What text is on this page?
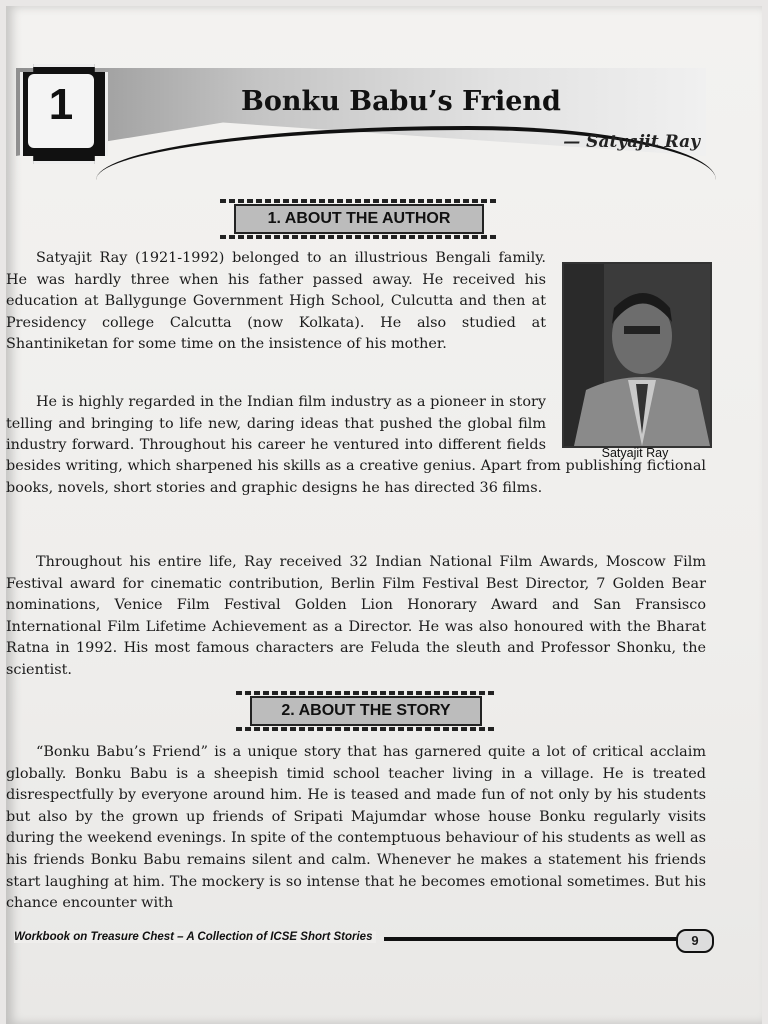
1	Bonku Babu’s Friend
— Satyajit Ray
1. ABOUT THE AUTHOR

Satyajit Ray (1921-1992) belonged to an illustrious Bengali family. He was hardly three when his father passed away. He received his education at Ballygunge Government High School, Culcutta and then at Presidency college Calcutta (now Kolkata). He also studied at Shantiniketan for some time on the insistence of his mother.

He is highly regarded in the Indian film industry as a pioneer in story telling and bringing to life new, daring ideas that pushed the global film industry forward. Throughout his career he ventured into different fields	Satyajit Ray

besides writing, which sharpened his skills as a creative genius. Apart from publishing fictional books, novels, short stories and graphic designs he has directed 36 films.

Throughout his entire life, Ray received 32 Indian National Film Awards, Moscow Film Festival award for cinematic contribution, Berlin Film Festival Best Director, 7 Golden Bear nominations, Venice Film Festival Golden Lion Honorary Award and San Fransisco International Film Lifetime Achievement as a Director. He was also honoured with the Bharat Ratna in 1992. His most famous characters are Feluda the sleuth and Professor Shonku, the scientist.

2. ABOUT THE STORY

“Bonku Babu’s Friend” is a unique story that has garnered quite a lot of critical acclaim globally. Bonku Babu is a sheepish timid school teacher living in a village. He is treated disrespectfully by everyone around him. He is teased and made fun of not only by his students but also by the grown up friends of Sripati Majumdar whose house Bonku regularly visits during the weekend evenings. In spite of the contemptuous behaviour of his students as well as his friends Bonku Babu remains silent and calm. Whenever he makes a statement his friends start laughing at him. The mockery is so intense that he becomes emotional sometimes. But his chance encounter with

Workbook on Treasure Chest – A Collection of ICSE Short Stories	9
